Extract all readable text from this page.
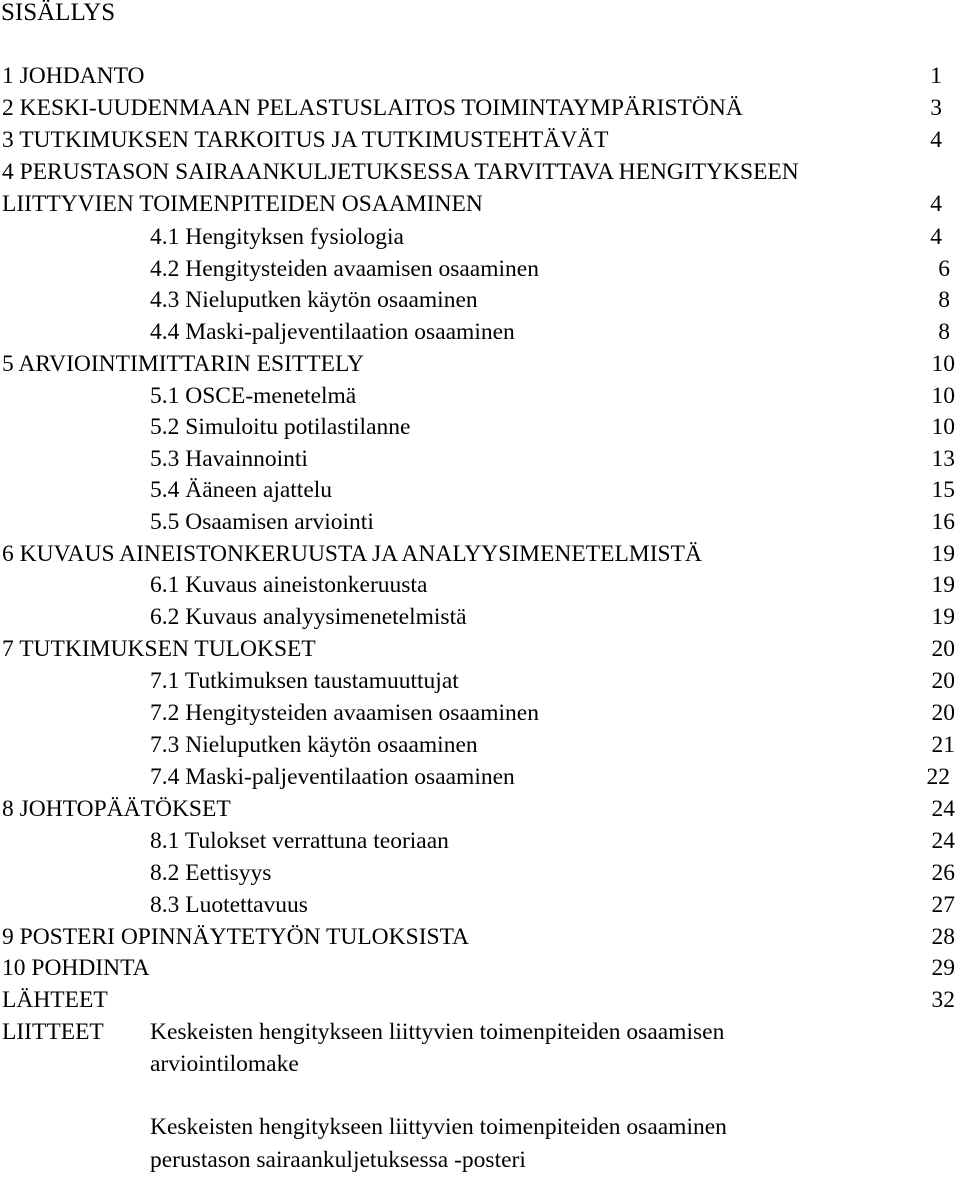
SISÄLLYS
1 JOHDANTO	1
2 KESKI-UUDENMAAN PELASTUSLAITOS TOIMINTAYMPÄRISTÖNÄ	3
3 TUTKIMUKSEN TARKOITUS JA TUTKIMUSTEHTÄVÄT	4
4 PERUSTASON SAIRAANKULJETUKSESSA TARVITTAVA HENGITYKSEEN
LIITTYVIEN TOIMENPITEIDEN OSAAMINEN	4
4.1 Hengityksen fysiologia	4
4.2 Hengitysteiden avaamisen osaaminen	6
4.3 Nieluputken käytön osaaminen	8
4.4 Maski-paljeventilaation osaaminen	8
5 ARVIOINTIMITTARIN ESITTELY	10
5.1 OSCE-menetelmä	10
5.2 Simuloitu potilastilanne	10
5.3 Havainnointi	13
5.4 Ääneen ajattelu	15
5.5 Osaamisen arviointi	16
6 KUVAUS AINEISTONKERUUSTA JA ANALYYSIMENETELMISTÄ	19
6.1 Kuvaus aineistonkeruusta	19
6.2 Kuvaus analyysimenetelmistä	19
7 TUTKIMUKSEN TULOKSET	20
7.1 Tutkimuksen taustamuuttujat	20
7.2 Hengitysteiden avaamisen osaaminen	20
7.3 Nieluputken käytön osaaminen	21
7.4 Maski-paljeventilaation osaaminen	22
8 JOHTOPÄÄTÖKSET	24
8.1 Tulokset verrattuna teoriaan	24
8.2 Eettisyys	26
8.3 Luotettavuus	27
9 POSTERI OPINNÄYTETYÖN TULOKSISTA	28
10 POHDINTA	29
LÄHTEET	32
LIITTEET Keskeisten hengitykseen liittyvien toimenpiteiden osaamisen
arviointilomake
Keskeisten hengitykseen liittyvien toimenpiteiden osaaminen
perustason sairaankuljetuksessa -posteri
